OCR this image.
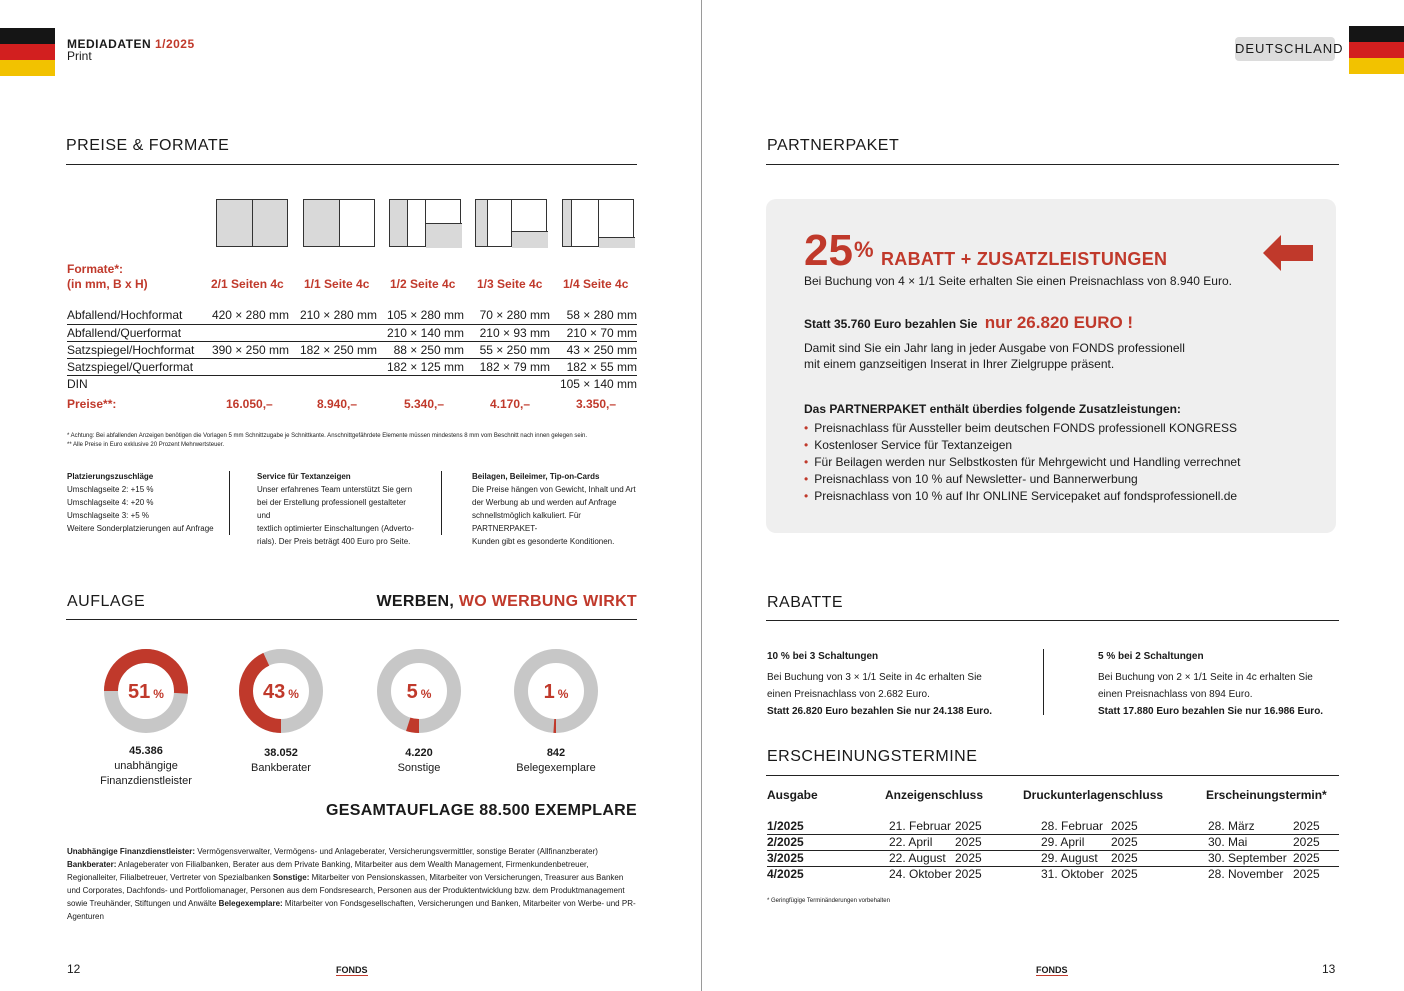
MEDIADATEN 1/2025
Print
PREISE & FORMATE
Formate*:
(in mm, B x H)	2/1 Seiten 4c	1/1 Seite 4c	1/2 Seite 4c	1/3 Seite 4c	1/4 Seite 4c
Abfallend/Hochformat	420 × 280 mm	210 × 280 mm	105 × 280 mm	70 × 280 mm	58 × 280 mm
Abfallend/Querformat			210 × 140 mm	210 × 93 mm	210 × 70 mm
Satzspiegel/Hochformat	390 × 250 mm	182 × 250 mm	88 × 250 mm	55 × 250 mm	43 × 250 mm
Satzspiegel/Querformat			182 × 125 mm	182 × 79 mm	182 × 55 mm
DIN					105 × 140 mm
Preise**:	16.050,–	8.940,–	5.340,–	4.170,–	3.350,–
* Achtung: Bei abfallenden Anzeigen benötigen die Vorlagen 5 mm Schnittzugabe je Schnittkante. Anschnittgefährdete Elemente müssen mindestens 8 mm vom Beschnitt nach innen gelegen sein.
** Alle Preise in Euro exklusive 20 Prozent Mehrwertsteuer.
Platzierungszuschläge
Umschlagseite 2: +15 %
Umschlagseite 4: +20 %
Umschlagseite 3: +5 %
Weitere Sonderplatzierungen auf Anfrage
Service für Textanzeigen
Unser erfahrenes Team unterstützt Sie gern
bei der Erstellung professionell gestalteter und
textlich optimierter Einschaltungen (Adverto-
rials). Der Preis beträgt 400 Euro pro Seite.
Beilagen, Beileimer, Tip-on-Cards
Die Preise hängen von Gewicht, Inhalt und Art
der Werbung ab und werden auf Anfrage
schnellstmöglich kalkuliert. Für PARTNERPAKET-
Kunden gibt es gesonderte Konditionen.
AUFLAGE	WERBEN, WO WERBUNG WIRKT
51 %	43 %	5 %	1 %
45.386
unabhängige
Finanzdienstleister
38.052
Bankberater
4.220
Sonstige
842
Belegexemplare
GESAMTAUFLAGE 88.500 EXEMPLARE
Unabhängige Finanzdienstleister: Vermögensverwalter, Vermögens- und Anlageberater, Versicherungsvermittler, sonstige Berater (Allfinanzberater) Bankberater: Anlageberater von Filialbanken, Berater aus dem Private Banking, Mitarbeiter aus dem Wealth Management, Firmenkundenbetreuer, Regionalleiter, Filialbetreuer, Vertreter von Spezialbanken Sonstige: Mitarbeiter von Pensionskassen, Mitarbeiter von Versicherungen, Treasurer aus Banken und Corporates, Dachfonds- und Portfoliomanager, Personen aus dem Fondsresearch, Personen aus der Produktentwicklung bzw. dem Produktmanagement sowie Treuhänder, Stiftungen und Anwälte Belegexemplare: Mitarbeiter von Fondsgesellschaften, Versicherungen und Banken, Mitarbeiter von Werbe- und PR-Agenturen
12	FONDS
DEUTSCHLAND
PARTNERPAKET
25 % RABATT + ZUSATZLEISTUNGEN
Bei Buchung von 4 × 1/1 Seite erhalten Sie einen Preisnachlass von 8.940 Euro.
Statt 35.760 Euro bezahlen Sie nur 26.820 EURO !
Damit sind Sie ein Jahr lang in jeder Ausgabe von FONDS professionell
mit einem ganzseitigen Inserat in Ihrer Zielgruppe präsent.
Das PARTNERPAKET enthält überdies folgende Zusatzleistungen:
• Preisnachlass für Aussteller beim deutschen FONDS professionell KONGRESS
• Kostenloser Service für Textanzeigen
• Für Beilagen werden nur Selbstkosten für Mehrgewicht und Handling verrechnet
• Preisnachlass von 10 % auf Newsletter- und Bannerwerbung
• Preisnachlass von 10 % auf Ihr ONLINE Servicepaket auf fondsprofessionell.de
RABATTE
10 % bei 3 Schaltungen
Bei Buchung von 3 × 1/1 Seite in 4c erhalten Sie
einen Preisnachlass von 2.682 Euro.
Statt 26.820 Euro bezahlen Sie nur 24.138 Euro.
5 % bei 2 Schaltungen
Bei Buchung von 2 × 1/1 Seite in 4c erhalten Sie
einen Preisnachlass von 894 Euro.
Statt 17.880 Euro bezahlen Sie nur 16.986 Euro.
ERSCHEINUNGSTERMINE
Ausgabe	Anzeigenschluss	Druckunterlagenschluss	Erscheinungstermin*
1/2025	21. Februar	2025	28. Februar	2025	28. März	2025
2/2025	22. April	2025	29. April	2025	30. Mai	2025
3/2025	22. August	2025	29. August	2025	30. September	2025
4/2025	24. Oktober	2025	31. Oktober	2025	28. November	2025
* Geringfügige Terminänderungen vorbehalten
FONDS	13
